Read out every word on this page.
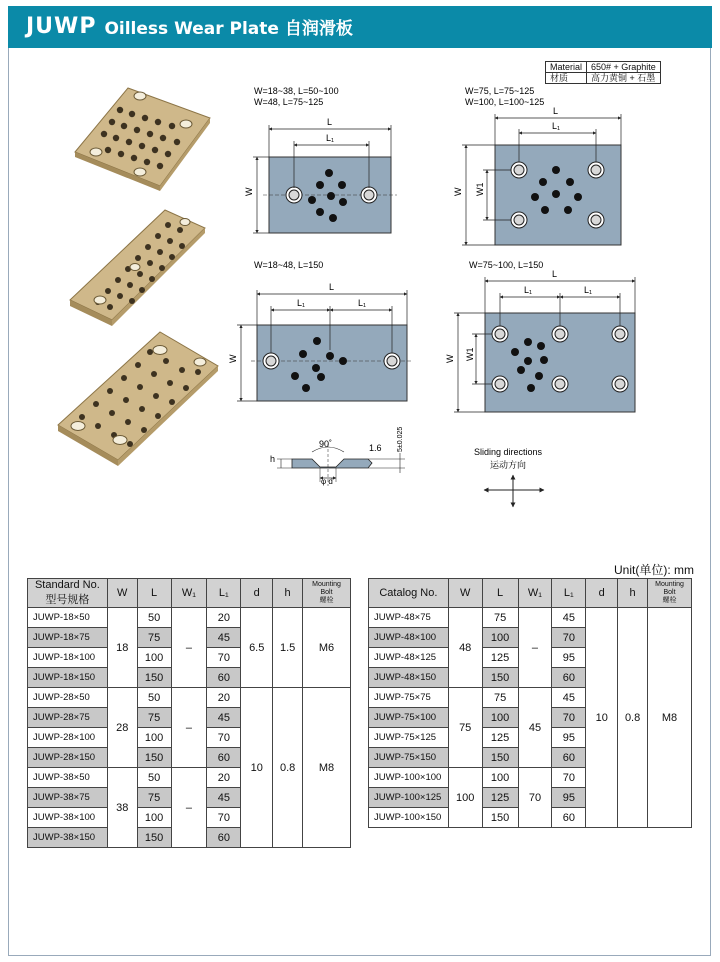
JUWP Oilless Wear Plate 自润滑板
Material	650# + Graphite
材质	高力黄铜 + 石墨
W=18~38, L=50~100
W=48, L=75~125
L
L₁
W
W=75, L=75~125
W=100, L=100~125
L
L₁
W W1
W=18~48, L=150
L
L₁	L₁
W
W=75~100, L=150
L
L₁	L₁
W W1
90˚	1.6 5±0.025
h
φ d
Sliding directions
运动方向
Unit(单位): mm
Standard No.
型号规格	W	L	W₁	L₁	d	h	Mounting
Bolt
螺栓
JUWP-18×50	18	50	–	20	6.5	1.5	M6
JUWP-18×75		75		45			
JUWP-18×100		100		70			
JUWP-18×150		150		60			
JUWP-28×50	28	50	–	20	10	0.8	M8
JUWP-28×75		75		45			
JUWP-28×100		100		70			
JUWP-28×150		150		60			
JUWP-38×50	38	50	–	20			
JUWP-38×75		75		45			
JUWP-38×100		100		70			
JUWP-38×150		150		60			
Catalog No.	W	L	W₁	L₁	d	h	Mounting
Bolt
螺栓
JUWP-48×75	48	75	–	45	10	0.8	M8
JUWP-48×100		100		70			
JUWP-48×125		125		95			
JUWP-48×150		150		60			
JUWP-75×75	75	75	45	45			
JUWP-75×100		100		70			
JUWP-75×125		125		95			
JUWP-75×150		150		60			
JUWP-100×100	100	100	70	70			
JUWP-100×125		125		95			
JUWP-100×150		150		60			
